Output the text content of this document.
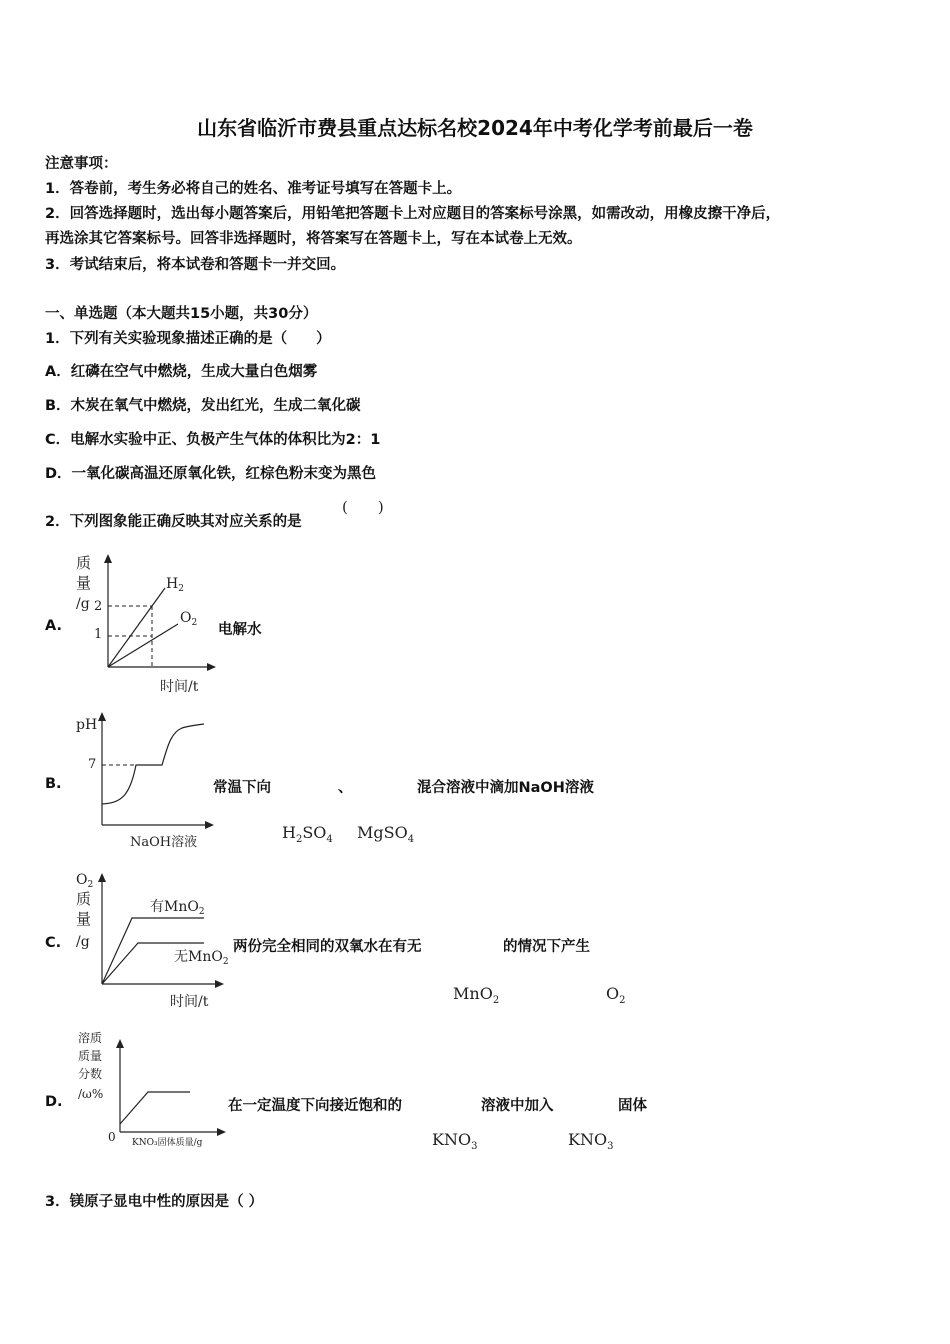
山东省临沂市费县重点达标名校2024年中考化学考前最后一卷
注意事项：
1．答卷前，考生务必将自己的姓名、准考证号填写在答题卡上。
2．回答选择题时，选出每小题答案后，用铅笔把答题卡上对应题目的答案标号涂黑，如需改动，用橡皮擦干净后，
再选涂其它答案标号。回答非选择题时，将答案写在答题卡上，写在本试卷上无效。
3．考试结束后，将本试卷和答题卡一并交回。
一、单选题（本大题共15小题，共30分）
1．下列有关实验现象描述正确的是（　　）
A．红磷在空气中燃烧，生成大量白色烟雾
B．木炭在氧气中燃烧，发出红光，生成二氧化碳
C．电解水实验中正、负极产生气体的体积比为2：1
D．一氧化碳高温还原氧化铁，红棕色粉末变为黑色
2．下列图象能正确反映其对应关系的是
(　　)
A.
质
量
/g 2
1
$H_2$
$O_2$
时间/t
电解水
B.
pH
7
NaOH溶液
常温下向	、	混合溶液中滴加NaOH溶液
$H_2SO_4$ MgSO$_4$
C.
$O_2$
质
量
/g
有MnO$_2$
无MnO$_2$
时间/t
两份完全相同的双氧水在有无	的情况下产生
MnO$_2$	$O_2$
D.
溶质
质量
分数
/ω%
0 KNO₃固体质量/g
在一定温度下向接近饱和的	溶液中加入	固体
$KNO_3$	$KNO_3$
3．镁原子显电中性的原因是（ ）
